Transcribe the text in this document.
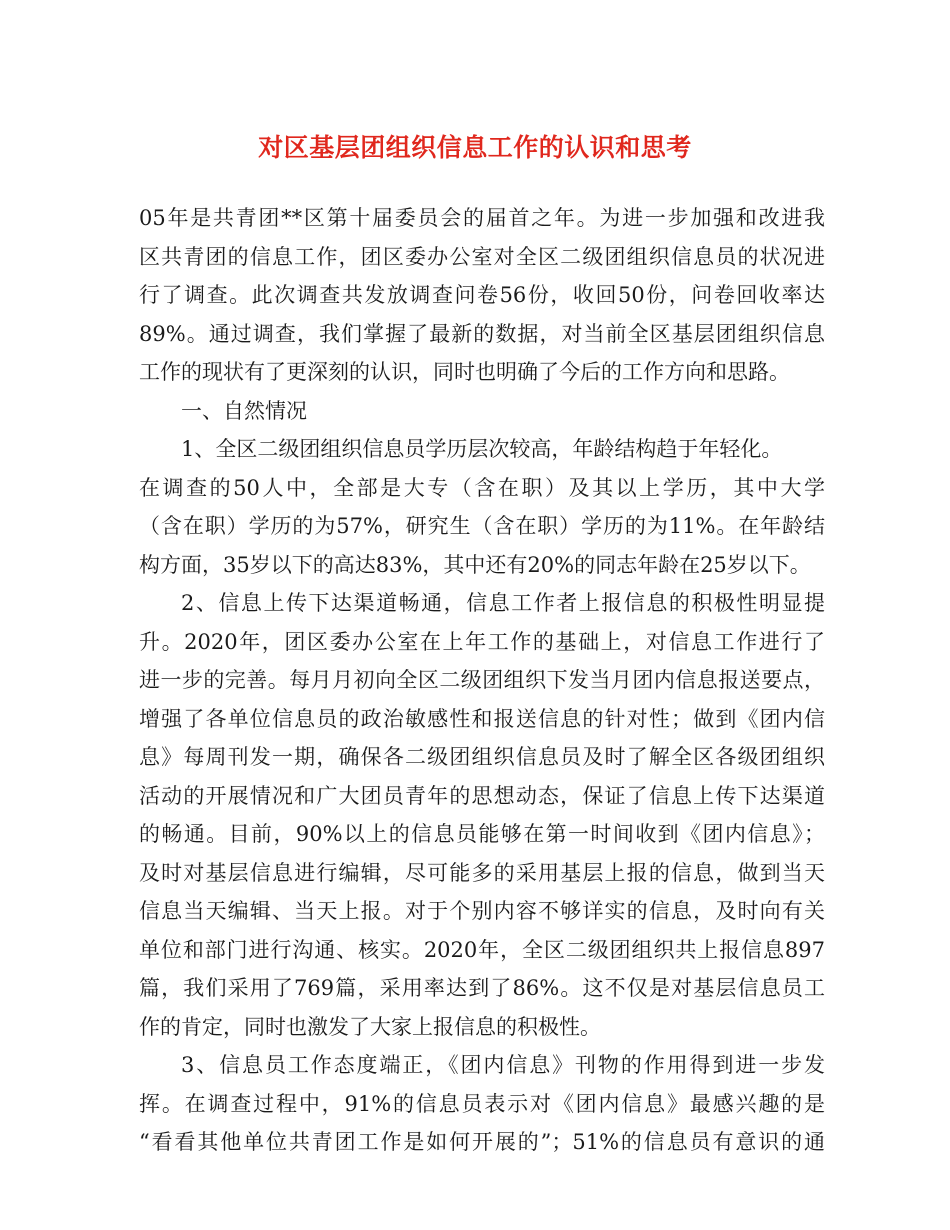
对区基层团组织信息工作的认识和思考
05年是共青团**区第十届委员会的届首之年。为进一步加强和改进我
区共青团的信息工作，团区委办公室对全区二级团组织信息员的状况进
行了调查。此次调查共发放调查问卷56份，收回50份，问卷回收率达
89%。通过调查，我们掌握了最新的数据，对当前全区基层团组织信息
工作的现状有了更深刻的认识，同时也明确了今后的工作方向和思路。
一、自然情况
1、全区二级团组织信息员学历层次较高，年龄结构趋于年轻化。
在调查的50人中，全部是大专（含在职）及其以上学历，其中大学
（含在职）学历的为57%，研究生（含在职）学历的为11%。在年龄结
构方面，35岁以下的高达83%，其中还有20%的同志年龄在25岁以下。
2、信息上传下达渠道畅通，信息工作者上报信息的积极性明显提
升。2020年，团区委办公室在上年工作的基础上，对信息工作进行了
进一步的完善。每月月初向全区二级团组织下发当月团内信息报送要点，
增强了各单位信息员的政治敏感性和报送信息的针对性；做到《团内信
息》每周刊发一期，确保各二级团组织信息员及时了解全区各级团组织
活动的开展情况和广大团员青年的思想动态，保证了信息上传下达渠道
的畅通。目前，90%以上的信息员能够在第一时间收到《团内信息》；
及时对基层信息进行编辑，尽可能多的采用基层上报的信息，做到当天
信息当天编辑、当天上报。对于个别内容不够详实的信息，及时向有关
单位和部门进行沟通、核实。2020年，全区二级团组织共上报信息897
篇，我们采用了769篇，采用率达到了86%。这不仅是对基层信息员工
作的肯定，同时也激发了大家上报信息的积极性。
3、信息员工作态度端正，《团内信息》刊物的作用得到进一步发
挥。在调查过程中，91%的信息员表示对《团内信息》最感兴趣的是
“看看其他单位共青团工作是如何开展的”；51%的信息员有意识的通
